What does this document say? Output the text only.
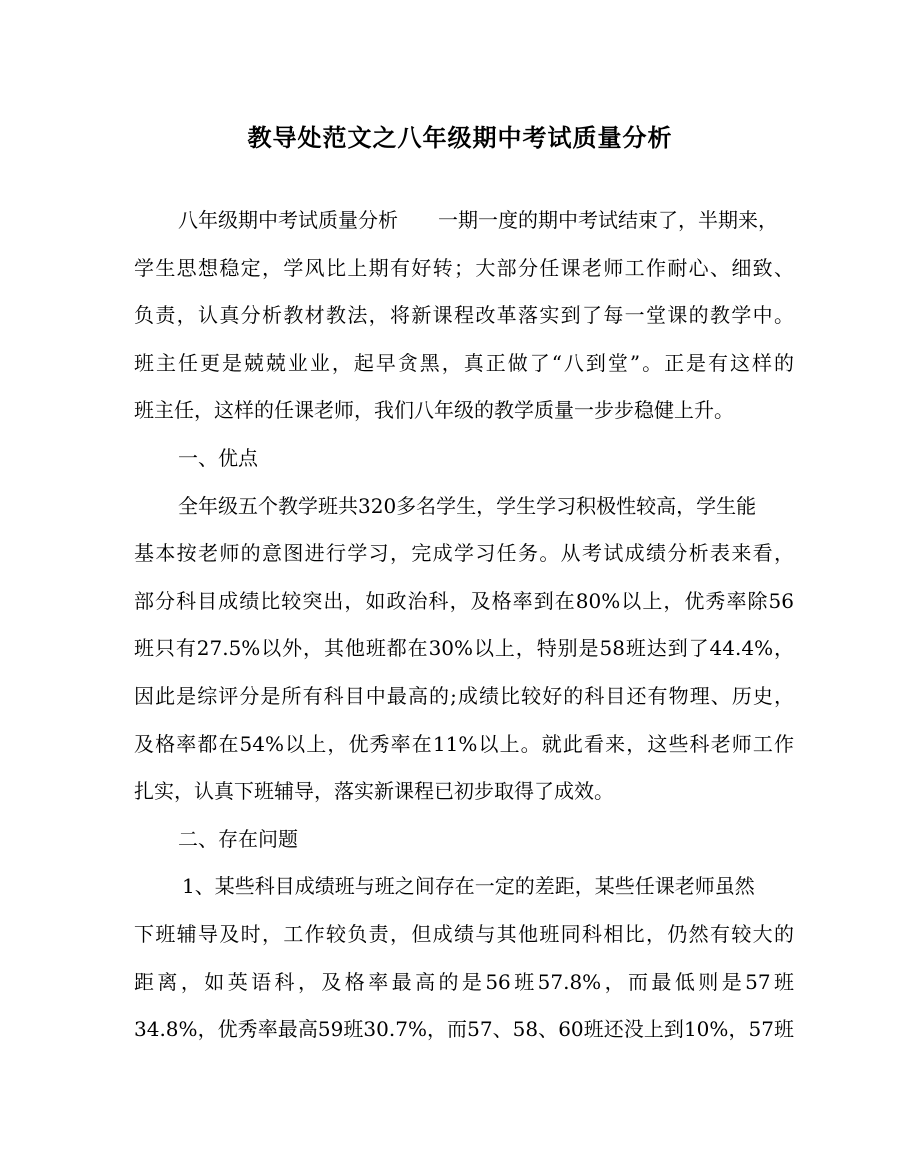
教导处范文之八年级期中考试质量分析
八年级期中考试质量分析　　一期一度的期中考试结束了，半期来，
学生思想稳定，学风比上期有好转；大部分任课老师工作耐心、细致、
负责，认真分析教材教法，将新课程改革落实到了每一堂课的教学中。
班主任更是兢兢业业，起早贪黑，真正做了“八到堂”。正是有这样的
班主任，这样的任课老师，我们八年级的教学质量一步步稳健上升。
一、优点
全年级五个教学班共320多名学生，学生学习积极性较高，学生能
基本按老师的意图进行学习，完成学习任务。从考试成绩分析表来看，
部分科目成绩比较突出，如政治科，及格率到在80%以上，优秀率除56
班只有27.5%以外，其他班都在30%以上，特别是58班达到了44.4%，
因此是综评分是所有科目中最高的;成绩比较好的科目还有物理、历史，
及格率都在54%以上，优秀率在11%以上。就此看来，这些科老师工作
扎实，认真下班辅导，落实新课程已初步取得了成效。
二、存在问题
1、某些科目成绩班与班之间存在一定的差距，某些任课老师虽然
下班辅导及时，工作较负责，但成绩与其他班同科相比，仍然有较大的
距离，如英语科，及格率最高的是56班57.8%，而最低则是57班
34.8%，优秀率最高59班30.7%，而57、58、60班还没上到10%，57班
